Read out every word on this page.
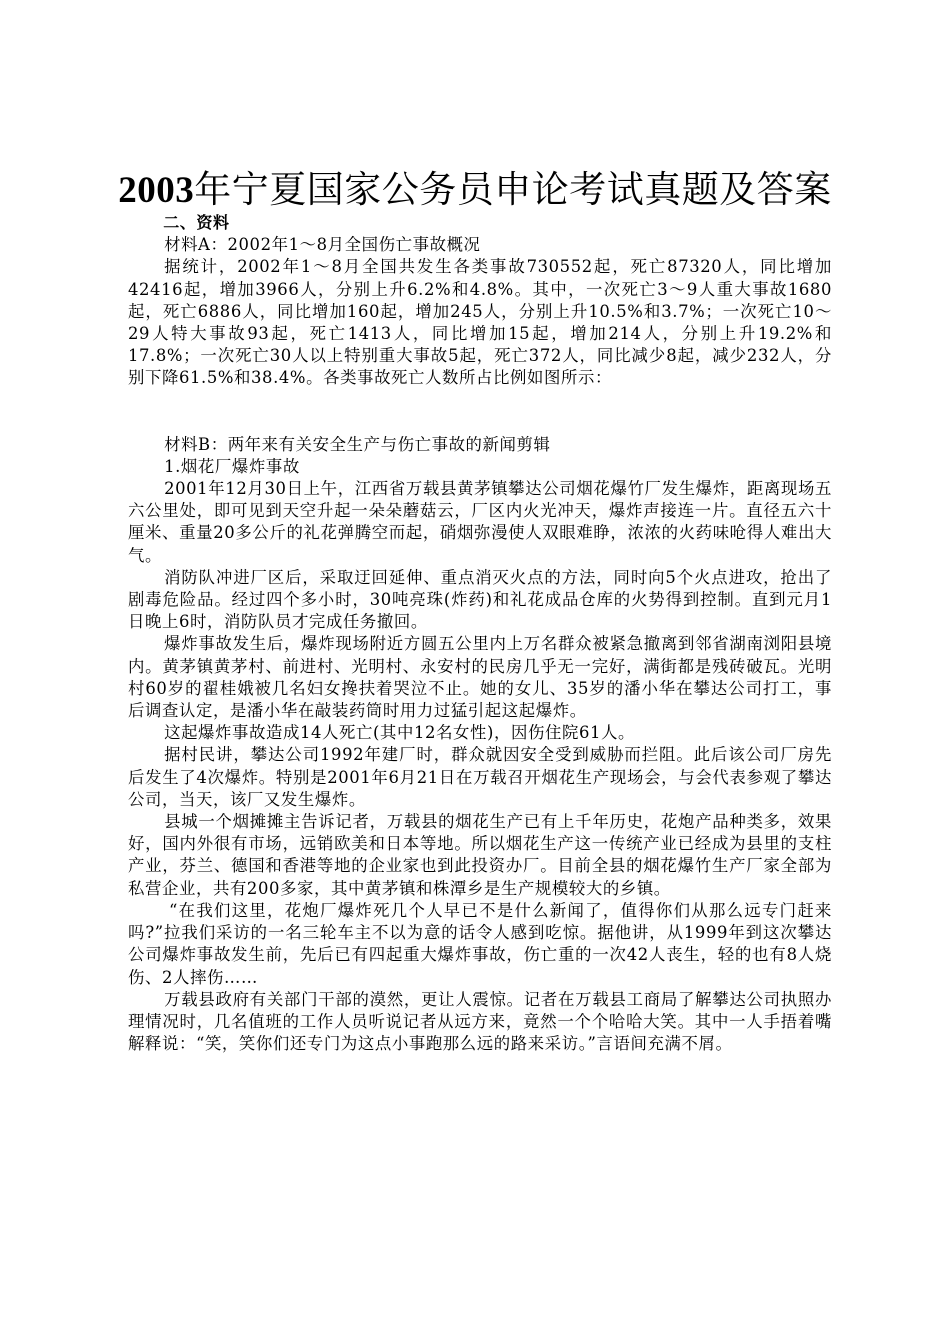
2003年宁夏国家公务员申论考试真题及答案

二、资料

材料A：2002年1～8月全国伤亡事故概况

据统计，2002年1～8月全国共发生各类事故730552起，死亡87320人，同比增加42416起，增加3966人，分别上升6.2%和4.8%。其中，一次死亡3～9人重大事故1680起，死亡6886人，同比增加160起，增加245人，分别上升10.5%和3.7%；一次死亡10～29人特大事故93起，死亡1413人，同比增加15起，增加214人，分别上升19.2%和17.8%；一次死亡30人以上特别重大事故5起，死亡372人，同比减少8起，减少232人，分别下降61.5%和38.4%。各类事故死亡人数所占比例如图所示：

材料B：两年来有关安全生产与伤亡事故的新闻剪辑

1.烟花厂爆炸事故

2001年12月30日上午，江西省万载县黄茅镇攀达公司烟花爆竹厂发生爆炸，距离现场五六公里处，即可见到天空升起一朵朵蘑菇云，厂区内火光冲天，爆炸声接连一片。直径五六十厘米、重量20多公斤的礼花弹腾空而起，硝烟弥漫使人双眼难睁，浓浓的火药味呛得人难出大气。

消防队冲进厂区后，采取迂回延伸、重点消灭火点的方法，同时向5个火点进攻，抢出了剧毒危险品。经过四个多小时，30吨亮珠(炸药)和礼花成品仓库的火势得到控制。直到元月1日晚上6时，消防队员才完成任务撤回。

爆炸事故发生后，爆炸现场附近方圆五公里内上万名群众被紧急撤离到邻省湖南浏阳县境内。黄茅镇黄茅村、前进村、光明村、永安村的民房几乎无一完好，满街都是残砖破瓦。光明村60岁的翟桂娥被几名妇女搀扶着哭泣不止。她的女儿、35岁的潘小华在攀达公司打工，事后调查认定，是潘小华在敲装药筒时用力过猛引起这起爆炸。

这起爆炸事故造成14人死亡(其中12名女性)，因伤住院61人。

据村民讲，攀达公司1992年建厂时，群众就因安全受到威胁而拦阻。此后该公司厂房先后发生了4次爆炸。特别是2001年6月21日在万载召开烟花生产现场会，与会代表参观了攀达公司，当天，该厂又发生爆炸。

县城一个烟摊摊主告诉记者，万载县的烟花生产已有上千年历史，花炮产品种类多，效果好，国内外很有市场，远销欧美和日本等地。所以烟花生产这一传统产业已经成为县里的支柱产业，芬兰、德国和香港等地的企业家也到此投资办厂。目前全县的烟花爆竹生产厂家全部为私营企业，共有200多家，其中黄茅镇和株潭乡是生产规模较大的乡镇。

“在我们这里，花炮厂爆炸死几个人早已不是什么新闻了，值得你们从那么远专门赶来吗?”拉我们采访的一名三轮车主不以为意的话令人感到吃惊。据他讲，从1999年到这次攀达公司爆炸事故发生前，先后已有四起重大爆炸事故，伤亡重的一次42人丧生，轻的也有8人烧伤、2人摔伤……

万载县政府有关部门干部的漠然，更让人震惊。记者在万载县工商局了解攀达公司执照办理情况时，几名值班的工作人员听说记者从远方来，竟然一个个哈哈大笑。其中一人手捂着嘴解释说：“笑，笑你们还专门为这点小事跑那么远的路来采访。”言语间充满不屑。
